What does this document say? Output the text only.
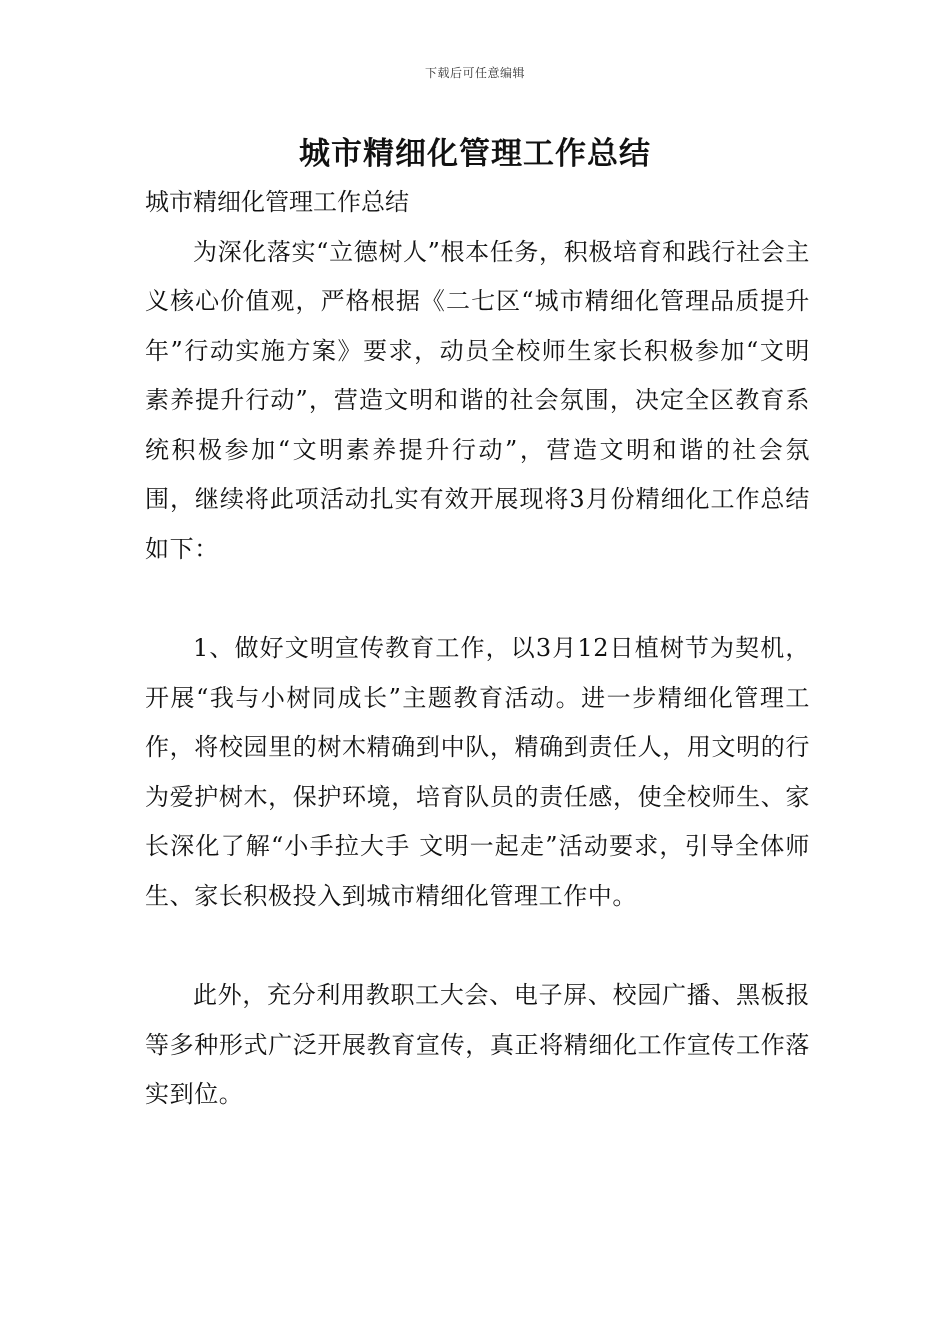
下载后可任意编辑
城市精细化管理工作总结

城市精细化管理工作总结

为深化落实“立德树人”根本任务，积极培育和践行社会主义核心价值观，严格根据《二七区“城市精细化管理品质提升年”行动实施方案》要求，动员全校师生家长积极参加“文明素养提升行动”，营造文明和谐的社会氛围，决定全区教育系统积极参加“文明素养提升行动”，营造文明和谐的社会氛围，继续将此项活动扎实有效开展现将3月份精细化工作总结如下：

1、做好文明宣传教育工作，以3月12日植树节为契机，开展“我与小树同成长”主题教育活动。进一步精细化管理工作，将校园里的树木精确到中队，精确到责任人，用文明的行为爱护树木，保护环境，培育队员的责任感，使全校师生、家长深化了解“小手拉大手 文明一起走”活动要求，引导全体师生、家长积极投入到城市精细化管理工作中。

此外，充分利用教职工大会、电子屏、校园广播、黑板报等多种形式广泛开展教育宣传，真正将精细化工作宣传工作落实到位。
